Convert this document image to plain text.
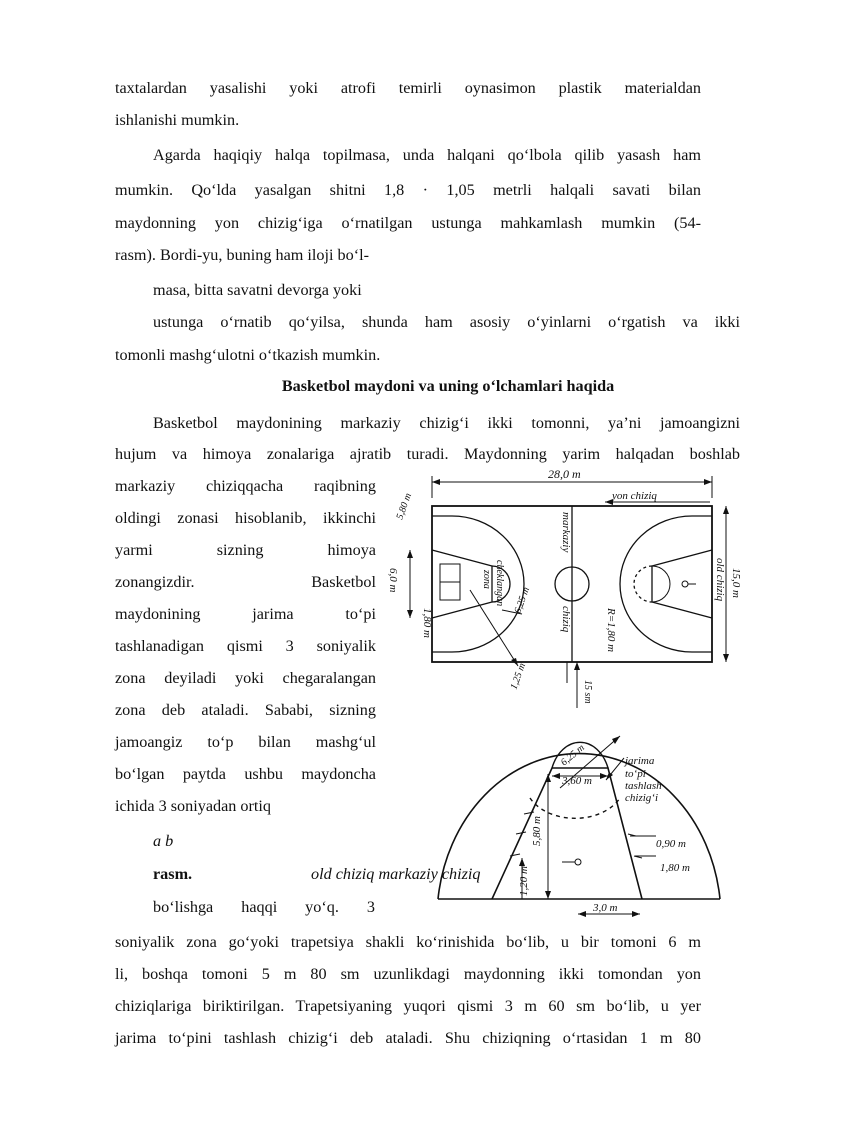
taxtalardan yasalishi yoki atrofi temirli oynasimon plastik materialdan
ishlanishi mumkin.
Agarda haqiqiy halqa topilmasa, unda halqani qo‘lbola qilib yasash ham
mumkin. Qo‘lda yasalgan shitni 1,8 · 1,05 metrli halqali savati bilan
maydonning yon chizig‘iga o‘rnatilgan ustunga mahkamlash mumkin (54-
rasm). Bordi-yu, buning ham iloji bo‘l-
masa, bitta savatni devorga yoki
ustunga o‘rnatib qo‘yilsa, shunda ham asosiy o‘yinlarni o‘rgatish va ikki
tomonli mashg‘ulotni o‘tkazish mumkin.
Basketbol maydoni va uning o‘lchamlari haqida
Basketbol maydonining markaziy chizig‘i ikki tomonni, ya’ni jamoangizni
hujum va himoya zonalariga ajratib turadi. Maydonning yarim halqadan boshlab
markaziy chiziqqacha raqibning
oldingi zonasi hisoblanib, ikkinchi
yarmi sizning himoya
zonangizdir. Basketbol
maydonining jarima to‘pi
tashlanadigan qismi 3 soniyalik
zona deyiladi yoki chegaralangan
zona deb ataladi. Sababi, sizning
jamoangiz to‘p bilan mashg‘ul
bo‘lgan paytda ushbu maydoncha
ichida 3 soniyadan ortiq
a b
rasm.	old chiziq markaziy chiziq
bo‘lishga haqqi yo‘q. 3
soniyalik zona go‘yoki trapetsiya shakli ko‘rinishida bo‘lib, u bir tomoni 6 m
li, boshqa tomoni 5 m 80 sm uzunlikdagi maydonning ikki tomondan yon
chiziqlariga biriktirilgan. Trapetsiyaning yuqori qismi 3 m 60 sm bo‘lib, u yer
jarima to‘pini tashlash chizig‘i deb ataladi. Shu chiziqning o‘rtasidan 1 m 80
28,0 m
yon chiziq
15,0 m
old chiziq
markaziy
chiziq	R=1,80 m
6,0 m
1,80 m
cheklangan
zona
5,80 m
6,25 m
1,25 m
15 sm
3,60 m
6,25 m	jarima
to‘pi
tashlash
chizig‘i
5,80 m
1,20 m
0,90 m
1,80 m
3,0 m
